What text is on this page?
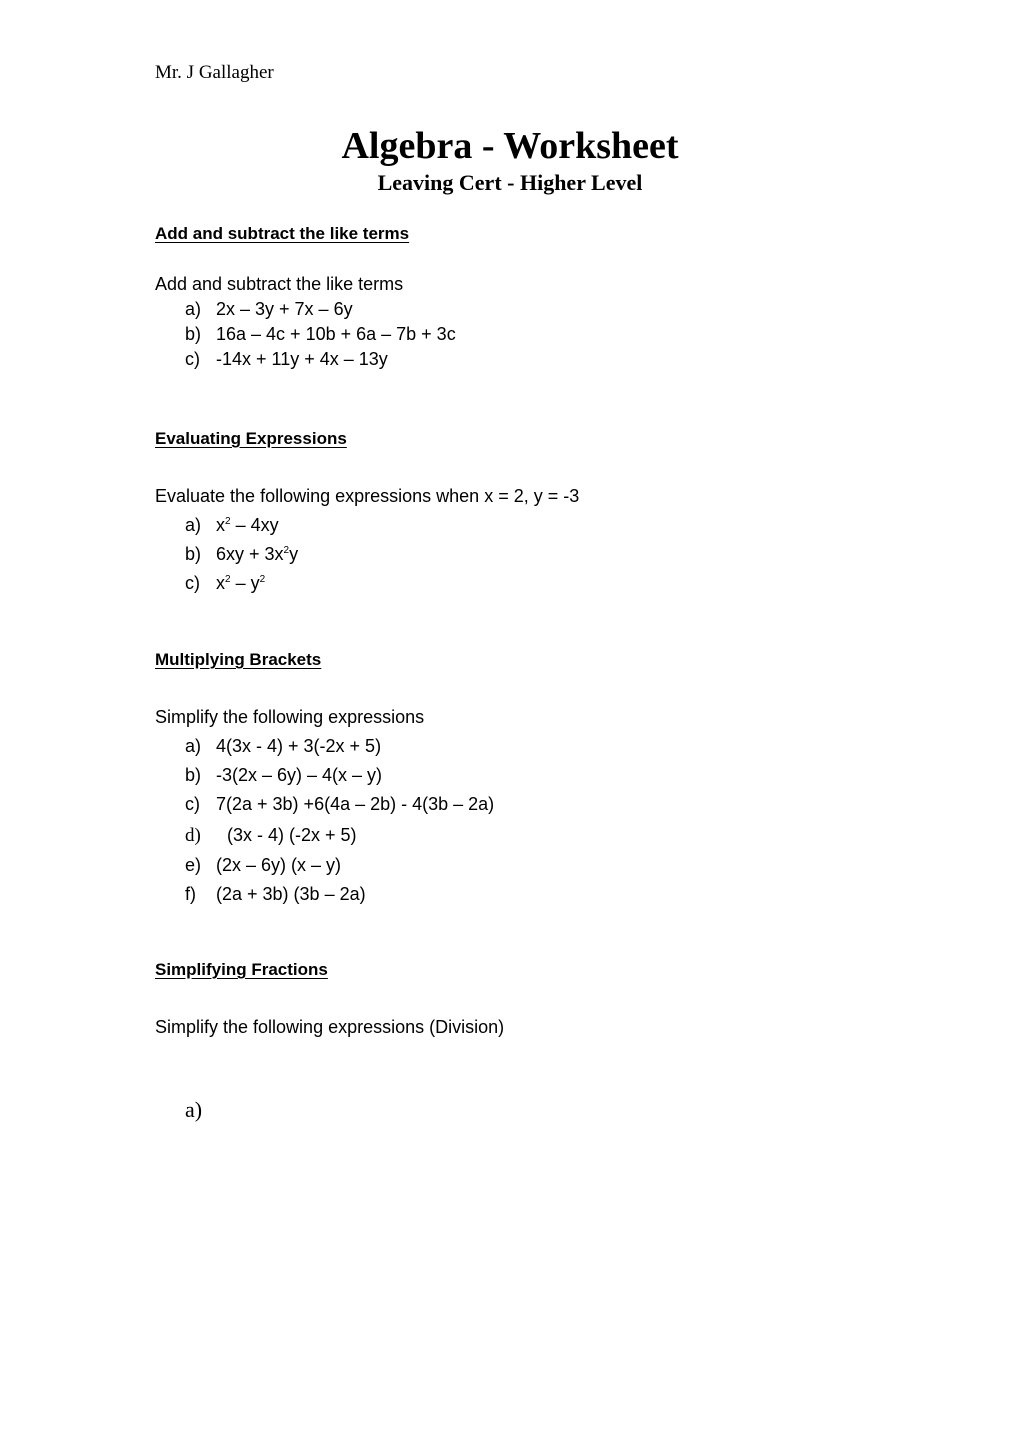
Mr. J Gallagher
Algebra - Worksheet
Leaving Cert - Higher Level
Add and subtract the like terms
Add and subtract the like terms
a) 2x – 3y + 7x – 6y
b) 16a – 4c + 10b + 6a – 7b + 3c
c) -14x + 11y + 4x – 13y
Evaluating Expressions
Evaluate the following expressions when x = 2, y = -3
a) $x^2 - 4xy$
b) $6xy + 3x^2y$
c) $x^2 - y^2$
Multiplying Brackets
Simplify the following expressions
a) 4(3x - 4) + 3(-2x + 5)
b) -3(2x – 6y) – 4(x – y)
c) 7(2a + 3b) +6(4a – 2b) - 4(3b – 2a)
d) (3x - 4) (-2x + 5)
e) (2x – 6y) (x – y)
f) (2a + 3b) (3b – 2a)
Simplifying Fractions
Simplify the following expressions (Division)
a)
